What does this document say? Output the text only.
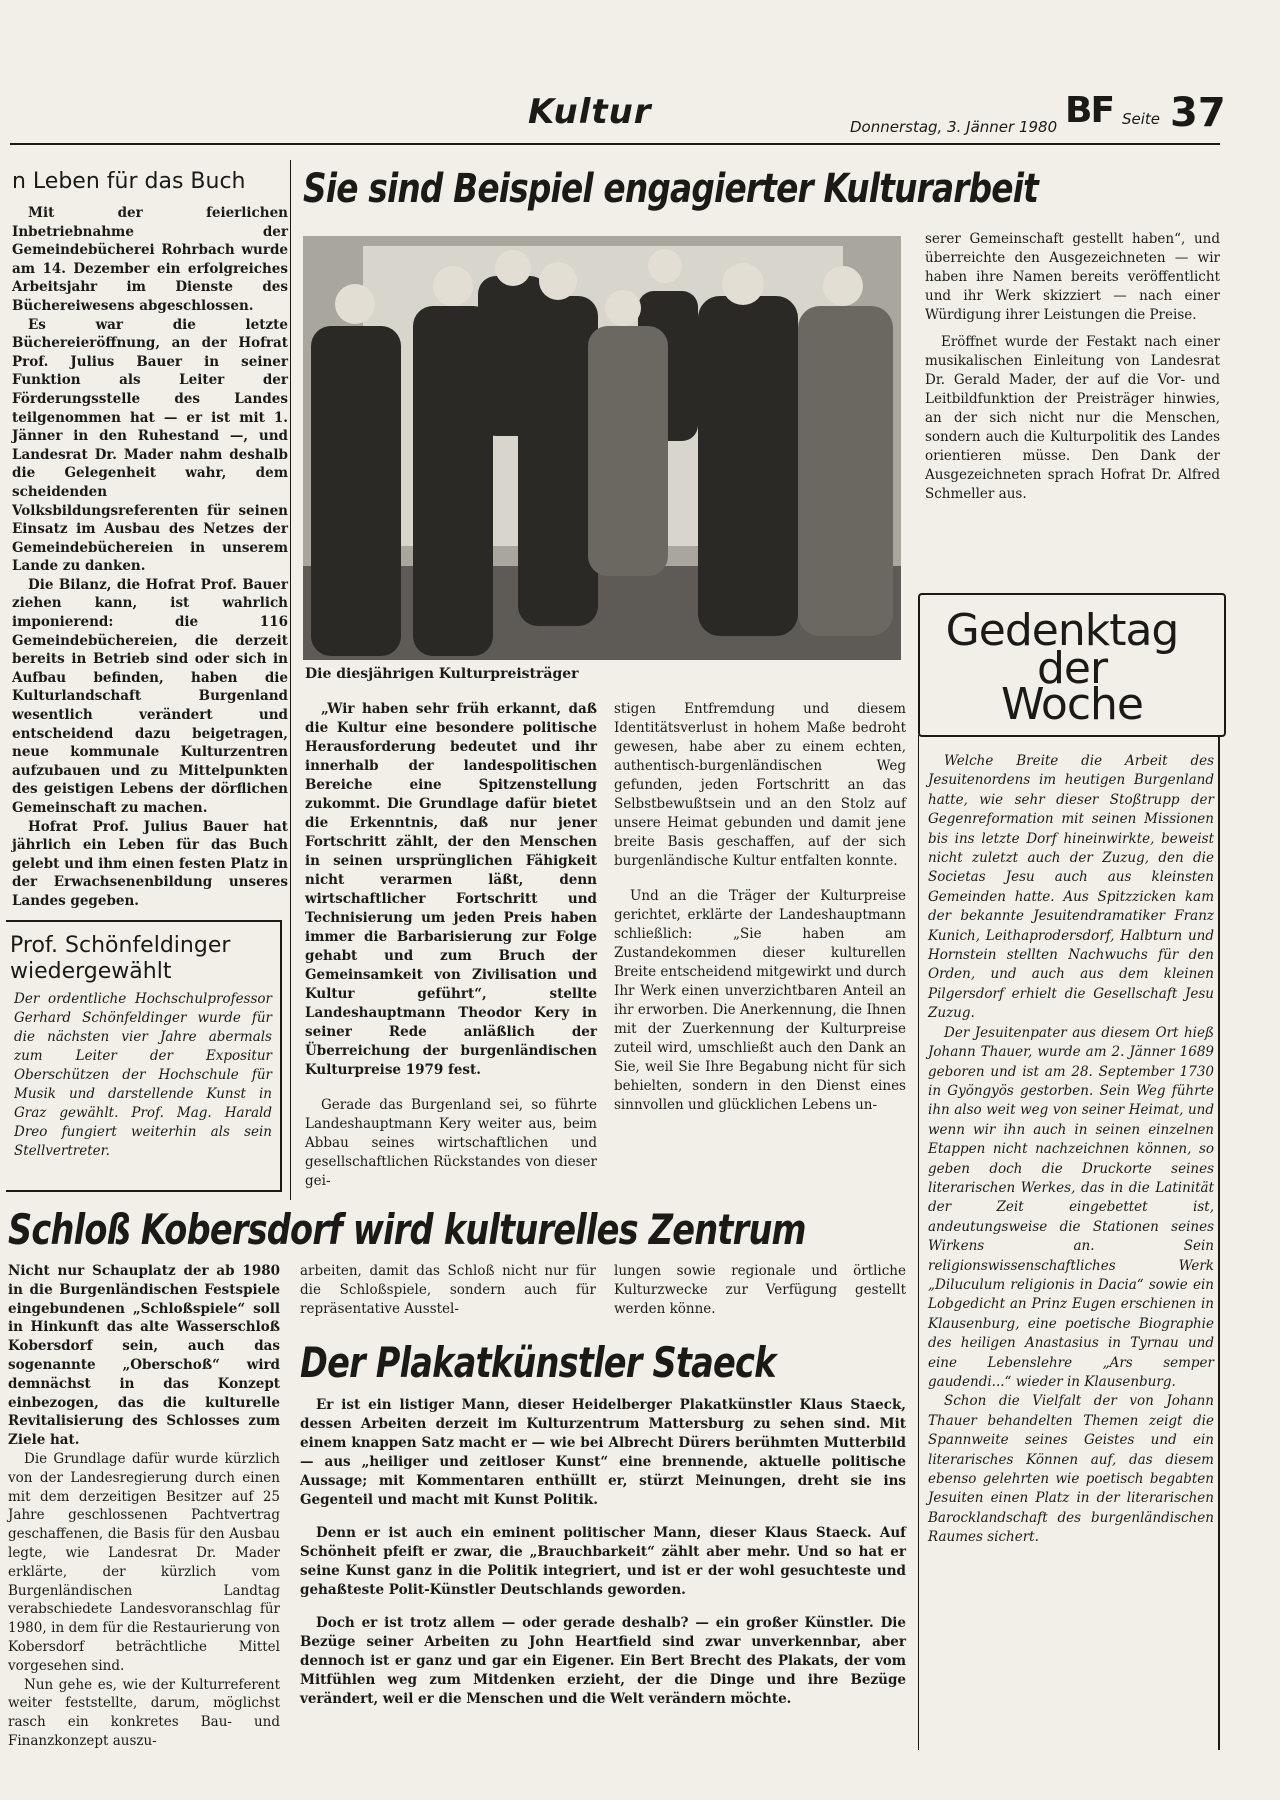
Kultur	Donnerstag, 3. Jänner 1980 BF Seite 37
n Leben für das Buch

Mit der feierlichen Inbetriebnahme der Gemeindebücherei Rohrbach wurde am 14. Dezember ein erfolgreiches Arbeitsjahr im Dienste des Büchereiwesens abgeschlossen.

Es war die letzte Büchereieröffnung, an der Hofrat Prof. Julius Bauer in seiner Funktion als Leiter der Förderungsstelle des Landes teilgenommen hat — er ist mit 1. Jänner in den Ruhestand —, und Landesrat Dr. Mader nahm deshalb die Gelegenheit wahr, dem scheidenden Volksbildungsreferenten für seinen Einsatz im Ausbau des Netzes der Gemeindebüchereien in unserem Lande zu danken.

Die Bilanz, die Hofrat Prof. Bauer ziehen kann, ist wahrlich imponierend: die 116 Gemeindebüchereien, die derzeit bereits in Betrieb sind oder sich in Aufbau befinden, haben die Kulturlandschaft Burgenland wesentlich verändert und entscheidend dazu beigetragen, neue kommunale Kulturzentren aufzubauen und zu Mittelpunkten des geistigen Lebens der dörflichen Gemeinschaft zu machen.

Hofrat Prof. Julius Bauer hat jährlich ein Leben für das Buch gelebt und ihm einen festen Platz in der Erwachsenenbildung unseres Landes gegeben.

Prof. Schönfeldinger
wiedergewählt
Der ordentliche Hochschulprofessor Gerhard Schönfeldinger wurde für die nächsten vier Jahre abermals zum Leiter der Expositur Oberschützen der Hochschule für Musik und darstellende Kunst in Graz gewählt. Prof. Mag. Harald Dreo fungiert weiterhin als sein Stellvertreter.
Sie sind Beispiel engagierter Kulturarbeit
Die diesjährigen Kulturpreisträger

„Wir haben sehr früh erkannt, daß die Kultur eine besondere politische Herausforderung bedeutet und ihr innerhalb der landespolitischen Bereiche eine Spitzenstellung zukommt. Die Grundlage dafür bietet die Erkenntnis, daß nur jener Fortschritt zählt, der den Menschen in seinen ursprünglichen Fähigkeit nicht verarmen läßt, denn wirtschaftlicher Fortschritt und Technisierung um jeden Preis haben immer die Barbarisierung zur Folge gehabt und zum Bruch der Gemeinsamkeit von Zivilisation und Kultur geführt“, stellte Landeshauptmann Theodor Kery in seiner Rede anläßlich der Überreichung der burgenländischen Kulturpreise 1979 fest.

Gerade das Burgenland sei, so führte Landeshauptmann Kery weiter aus, beim Abbau seines wirtschaftlichen und gesellschaftlichen Rückstandes von dieser gei-

stigen Entfremdung und diesem Identitätsverlust in hohem Maße bedroht gewesen, habe aber zu einem echten, authentisch-burgenländischen Weg gefunden, jeden Fortschritt an das Selbstbewußtsein und an den Stolz auf unsere Heimat gebunden und damit jene breite Basis geschaffen, auf der sich burgenländische Kultur entfalten konnte.

Und an die Träger der Kulturpreise gerichtet, erklärte der Landeshauptmann schließlich: „Sie haben am Zustandekommen dieser kulturellen Breite entscheidend mitgewirkt und durch Ihr Werk einen unverzichtbaren Anteil an ihr erworben. Die Anerkennung, die Ihnen mit der Zuerkennung der Kulturpreise zuteil wird, umschließt auch den Dank an Sie, weil Sie Ihre Begabung nicht für sich behielten, sondern in den Dienst eines sinnvollen und glücklichen Lebens un-

serer Gemeinschaft gestellt haben“, und überreichte den Ausgezeichneten — wir haben ihre Namen bereits veröffentlicht und ihr Werk skizziert — nach einer Würdigung ihrer Leistungen die Preise.

Eröffnet wurde der Festakt nach einer musikalischen Einleitung von Landesrat Dr. Gerald Mader, der auf die Vor- und Leitbildfunktion der Preisträger hinwies, an der sich nicht nur die Menschen, sondern auch die Kulturpolitik des Landes orientieren müsse. Den Dank der Ausgezeichneten sprach Hofrat Dr. Alfred Schmeller aus.

Gedenktag
der
Woche

Welche Breite die Arbeit des Jesuitenordens im heutigen Burgenland hatte, wie sehr dieser Stoßtrupp der Gegenreformation mit seinen Missionen bis ins letzte Dorf hineinwirkte, beweist nicht zuletzt auch der Zuzug, den die Societas Jesu auch aus kleinsten Gemeinden hatte. Aus Spitzzicken kam der bekannte Jesuitendramatiker Franz Kunich, Leithaprodersdorf, Halbturn und Hornstein stellten Nachwuchs für den Orden, und auch aus dem kleinen Pilgersdorf erhielt die Gesellschaft Jesu Zuzug.

Der Jesuitenpater aus diesem Ort hieß Johann Thauer, wurde am 2. Jänner 1689 geboren und ist am 28. September 1730 in Gyöngyös gestorben. Sein Weg führte ihn also weit weg von seiner Heimat, und wenn wir ihn auch in seinen einzelnen Etappen nicht nachzeichnen können, so geben doch die Druckorte seines literarischen Werkes, das in die Latinität der Zeit eingebettet ist, andeutungsweise die Stationen seines Wirkens an. Sein religionswissenschaftliches Werk „Diluculum religionis in Dacia“ sowie ein Lobgedicht an Prinz Eugen erschienen in Klausenburg, eine poetische Biographie des heiligen Anastasius in Tyrnau und eine Lebenslehre „Ars semper gaudendi...“ wieder in Klausenburg.

Schon die Vielfalt der von Johann Thauer behandelten Themen zeigt die Spannweite seines Geistes und ein literarisches Können auf, das diesem ebenso gelehrten wie poetisch begabten Jesuiten einen Platz in der literarischen Barocklandschaft des burgenländischen Raumes sichert.

Schloß Kobersdorf wird kulturelles Zentrum

Nicht nur Schauplatz der ab 1980 in die Burgenländischen Festspiele eingebundenen „Schloßspiele“ soll in Hinkunft das alte Wasserschloß Kobersdorf sein, auch das sogenannte „Oberschoß“ wird demnächst in das Konzept einbezogen, das die kulturelle Revitalisierung des Schlosses zum Ziele hat.

Die Grundlage dafür wurde kürzlich von der Landesregierung durch einen mit dem derzeitigen Besitzer auf 25 Jahre geschlossenen Pachtvertrag geschaffenen, die Basis für den Ausbau legte, wie Landesrat Dr. Mader erklärte, der kürzlich vom Burgenländischen Landtag verabschiedete Landesvoranschlag für 1980, in dem für die Restaurierung von Kobersdorf beträchtliche Mittel vorgesehen sind.

Nun gehe es, wie der Kulturreferent weiter feststellte, darum, möglichst rasch ein konkretes Bau- und Finanzkonzept auszu-

arbeiten, damit das Schloß nicht nur für die Schloßspiele, sondern auch für repräsentative Ausstel-
lungen sowie regionale und örtliche Kulturzwecke zur Verfügung gestellt werden könne.
Der Plakatkünstler Staeck

Er ist ein listiger Mann, dieser Heidelberger Plakatkünstler Klaus Staeck, dessen Arbeiten derzeit im Kulturzentrum Mattersburg zu sehen sind. Mit einem knappen Satz macht er — wie bei Albrecht Dürers berühmten Mutterbild — aus „heiliger und zeitloser Kunst“ eine brennende, aktuelle politische Aussage; mit Kommentaren enthüllt er, stürzt Meinungen, dreht sie ins Gegenteil und macht mit Kunst Politik.

Denn er ist auch ein eminent politischer Mann, dieser Klaus Staeck. Auf Schönheit pfeift er zwar, die „Brauchbarkeit“ zählt aber mehr. Und so hat er seine Kunst ganz in die Politik integriert, und ist er der wohl gesuchteste und gehaßteste Polit-Künstler Deutschlands geworden.

Doch er ist trotz allem — oder gerade deshalb? — ein großer Künstler. Die Bezüge seiner Arbeiten zu John Heartfield sind zwar unverkennbar, aber dennoch ist er ganz und gar ein Eigener. Ein Bert Brecht des Plakats, der vom Mitfühlen weg zum Mitdenken erzieht, der die Dinge und ihre Bezüge verändert, weil er die Menschen und die Welt verändern möchte.
